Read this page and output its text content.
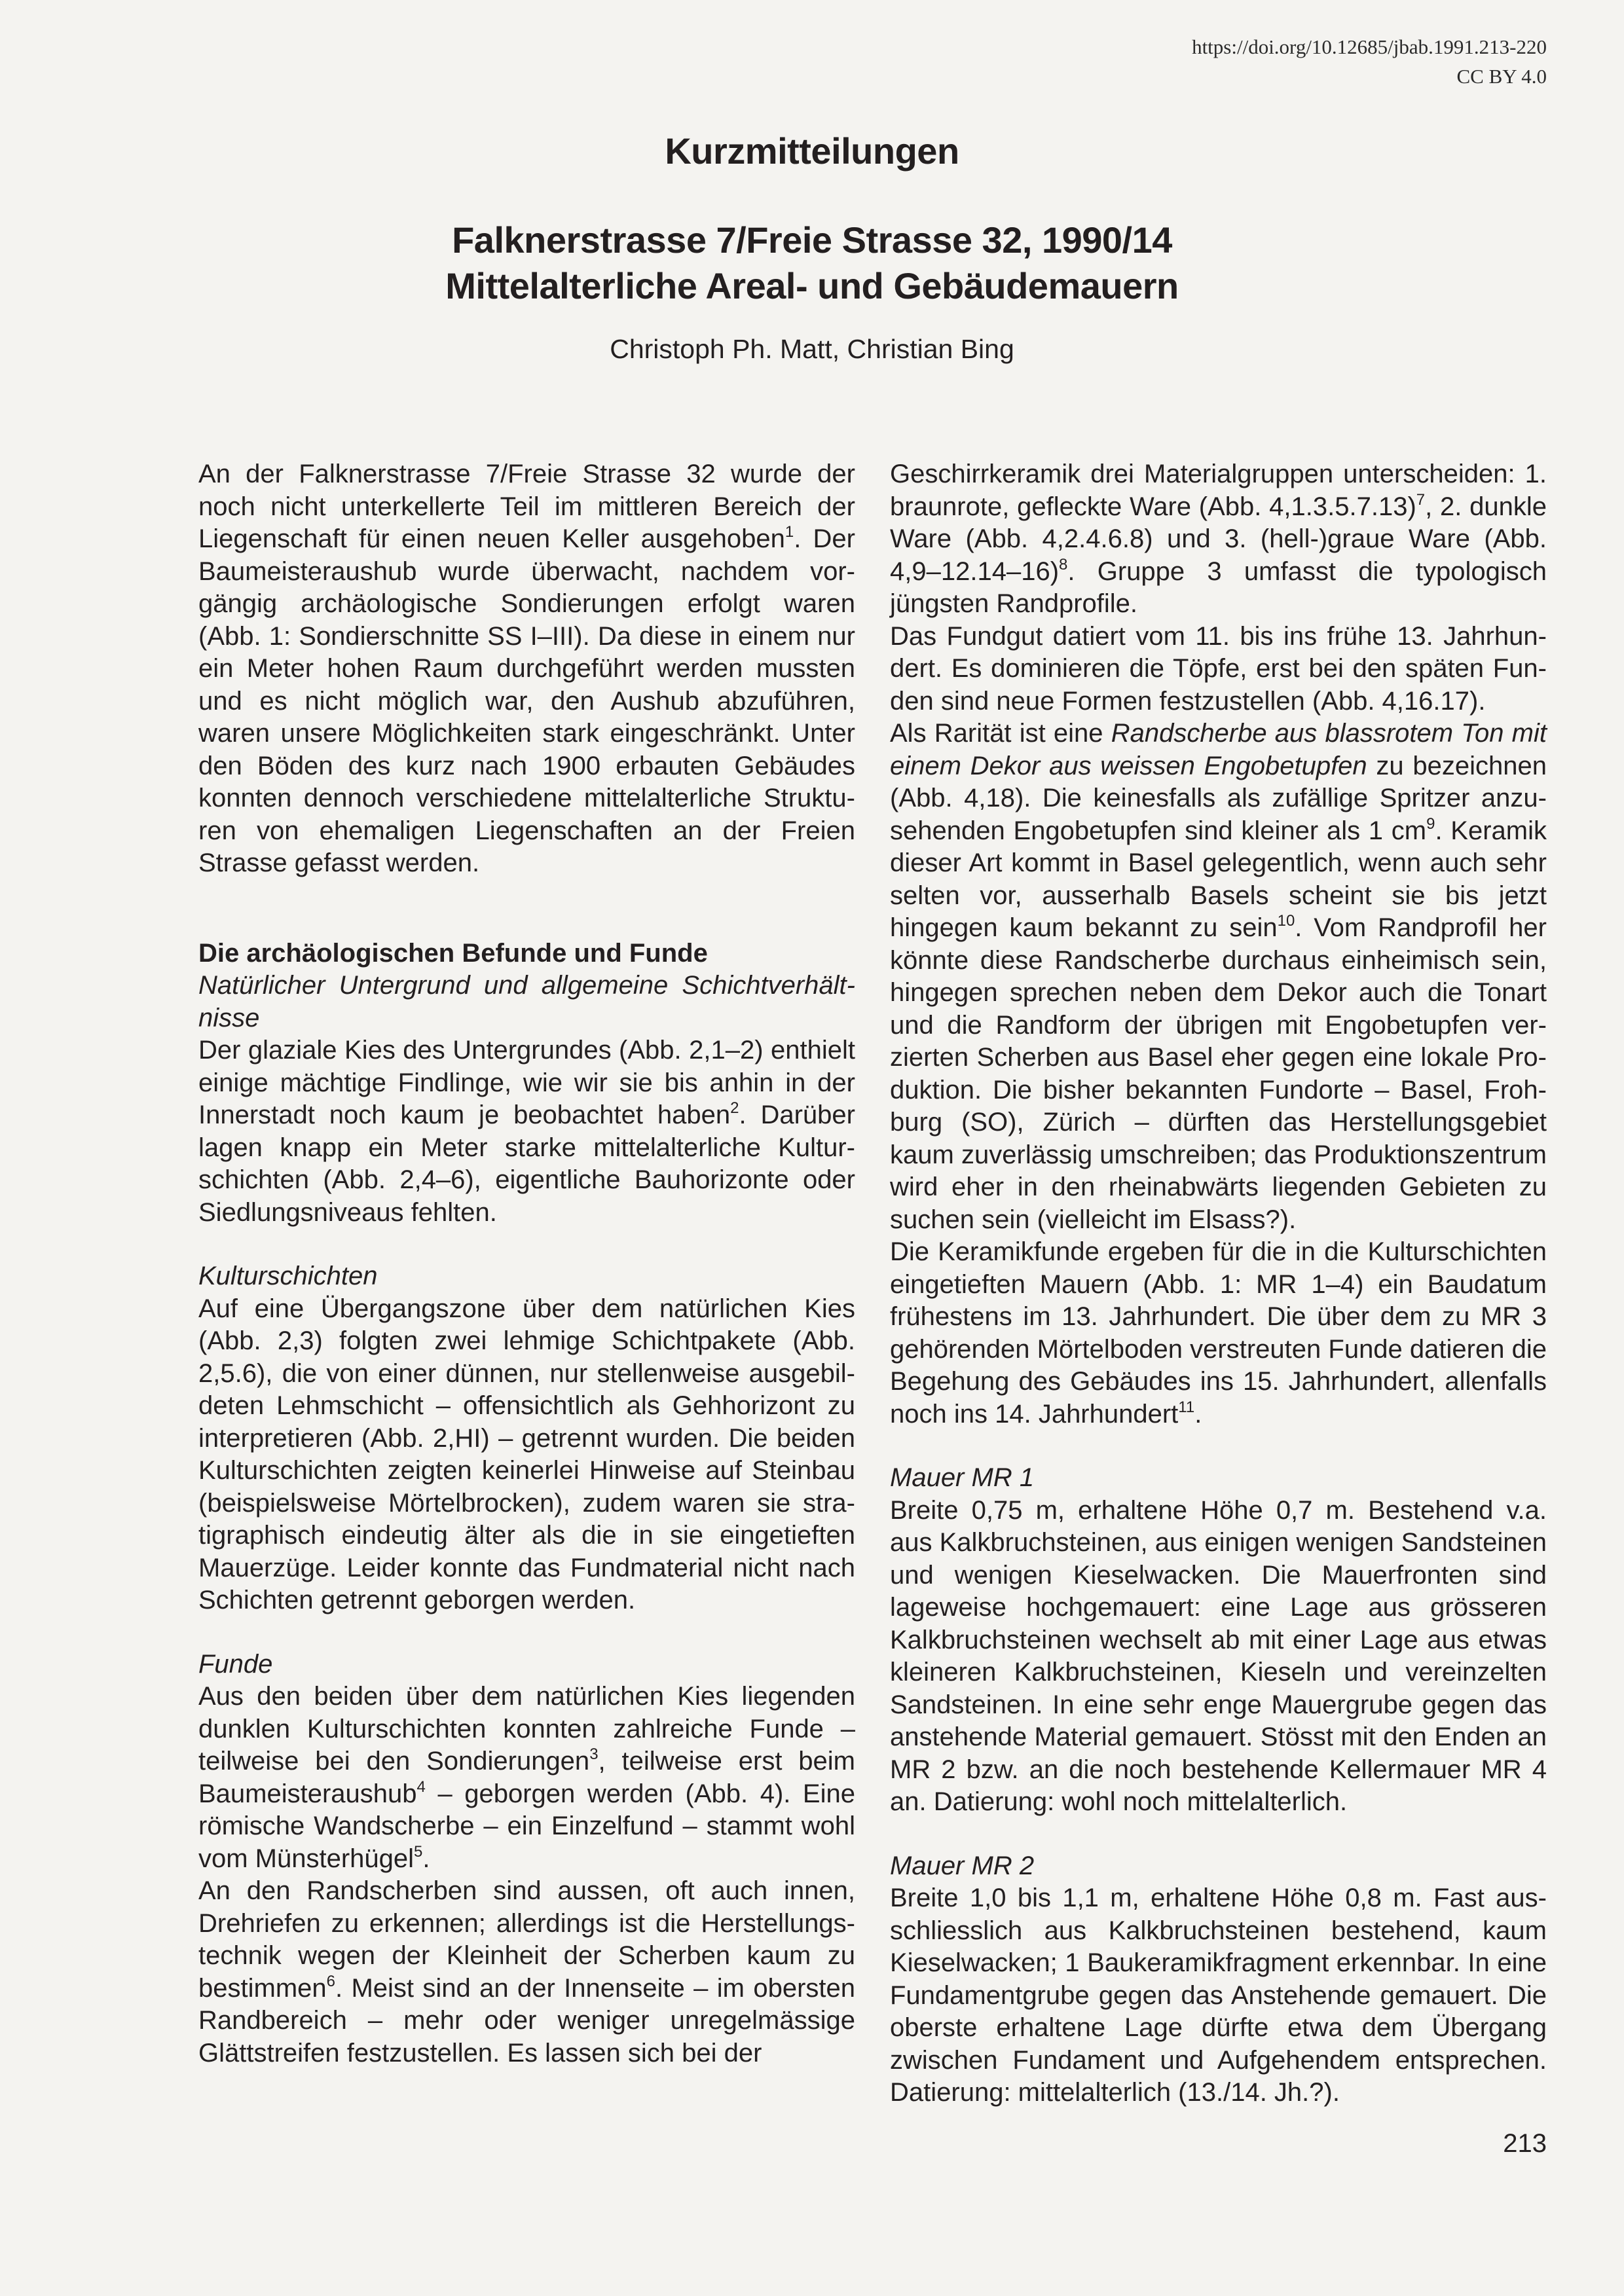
https://doi.org/10.12685/jbab.1991.213-220
CC BY 4.0
Kurzmitteilungen
Falknerstrasse 7/Freie Strasse 32, 1990/14
Mittelalterliche Areal- und Gebäudemauern
Christoph Ph. Matt, Christian Bing

An der Falknerstrasse 7/Freie Strasse 32 wurde der noch nicht unterkellerte Teil im mittleren Bereich der Liegenschaft für einen neuen Keller ausgehoben$^1$. Der Baumeisteraushub wurde überwacht, nachdem vorgängig archäologische Sondierungen erfolgt waren (Abb. 1: Sondierschnitte SS I–III). Da diese in einem nur ein Meter hohen Raum durchgeführt werden mussten und es nicht möglich war, den Aushub abzuführen, waren unsere Möglichkeiten stark eingeschränkt. Unter den Böden des kurz nach 1900 erbauten Gebäudes konnten dennoch verschiedene mittelalterliche Strukturen von ehemaligen Liegenschaften an der Freien Strasse gefasst werden.

Die archäologischen Befunde und Funde

Natürlicher Untergrund und allgemeine Schichtverhältnisse

Der glaziale Kies des Untergrundes (Abb. 2,1–2) enthielt einige mächtige Findlinge, wie wir sie bis anhin in der Innerstadt noch kaum je beobachtet haben$^2$. Darüber lagen knapp ein Meter starke mittelalterliche Kulturschichten (Abb. 2,4–6), eigentliche Bauhorizonte oder Siedlungsniveaus fehlten.

Kulturschichten

Auf eine Übergangszone über dem natürlichen Kies (Abb. 2,3) folgten zwei lehmige Schichtpakete (Abb. 2,5.6), die von einer dünnen, nur stellenweise ausgebildeten Lehmschicht – offensichtlich als Gehhorizont zu interpretieren (Abb. 2,HI) – getrennt wurden. Die beiden Kulturschichten zeigten keinerlei Hinweise auf Steinbau (beispielsweise Mörtelbrocken), zudem waren sie stratigraphisch eindeutig älter als die in sie eingetieften Mauerzüge. Leider konnte das Fundmaterial nicht nach Schichten getrennt geborgen werden.

Funde

Aus den beiden über dem natürlichen Kies liegenden dunklen Kulturschichten konnten zahlreiche Funde – teilweise bei den Sondierungen$^3$, teilweise erst beim Baumeisteraushub$^4$ – geborgen werden (Abb. 4). Eine römische Wandscherbe – ein Einzelfund – stammt wohl vom Münsterhügel$^5$.

An den Randscherben sind aussen, oft auch innen, Drehriefen zu erkennen; allerdings ist die Herstellungstechnik wegen der Kleinheit der Scherben kaum zu bestimmen$^6$. Meist sind an der Innenseite – im obersten Randbereich – mehr oder weniger unregelmässige Glättstreifen festzustellen. Es lassen sich bei der

Geschirrkeramik drei Materialgruppen unterscheiden: 1. braunrote, gefleckte Ware (Abb. 4,1.3.5.7.13)$^7$, 2. dunkle Ware (Abb. 4,2.4.6.8) und 3. (hell-)graue Ware (Abb. 4,9–12.14–16)$^8$. Gruppe 3 umfasst die typologisch jüngsten Randprofile.

Das Fundgut datiert vom 11. bis ins frühe 13. Jahrhundert. Es dominieren die Töpfe, erst bei den späten Funden sind neue Formen festzustellen (Abb. 4,16.17).

Als Rarität ist eine Randscherbe aus blassrotem Ton mit einem Dekor aus weissen Engobetupfen zu bezeichnen (Abb. 4,18). Die keinesfalls als zufällige Spritzer anzusehenden Engobetupfen sind kleiner als 1 $cm^9$. Keramik dieser Art kommt in Basel gelegentlich, wenn auch sehr selten vor, ausserhalb Basels scheint sie bis jetzt hingegen kaum bekannt zu sein$^{10}$. Vom Randprofil her könnte diese Randscherbe durchaus einheimisch sein, hingegen sprechen neben dem Dekor auch die Tonart und die Randform der übrigen mit Engobetupfen verzierten Scherben aus Basel eher gegen eine lokale Produktion. Die bisher bekannten Fundorte – Basel, Frohburg (SO), Zürich – dürften das Herstellungsgebiet kaum zuverlässig umschreiben; das Produktionszentrum wird eher in den rheinabwärts liegenden Gebieten zu suchen sein (vielleicht im Elsass?).

Die Keramikfunde ergeben für die in die Kulturschichten eingetieften Mauern (Abb. 1: MR 1–4) ein Baudatum frühestens im 13. Jahrhundert. Die über dem zu MR 3 gehörenden Mörtelboden verstreuten Funde datieren die Begehung des Gebäudes ins 15. Jahrhundert, allenfalls noch ins 14. Jahrhundert$^{11}$.

Mauer MR 1

Breite 0,75 m, erhaltene Höhe 0,7 m. Bestehend v.a. aus Kalkbruchsteinen, aus einigen wenigen Sandsteinen und wenigen Kieselwacken. Die Mauerfronten sind lageweise hochgemauert: eine Lage aus grösseren Kalkbruchsteinen wechselt ab mit einer Lage aus etwas kleineren Kalkbruchsteinen, Kieseln und vereinzelten Sandsteinen. In eine sehr enge Mauergrube gegen das anstehende Material gemauert. Stösst mit den Enden an MR 2 bzw. an die noch bestehende Kellermauer MR 4 an. Datierung: wohl noch mittelalterlich.

Mauer MR 2

Breite 1,0 bis 1,1 m, erhaltene Höhe 0,8 m. Fast ausschliesslich aus Kalkbruchsteinen bestehend, kaum Kieselwacken; 1 Baukeramikfragment erkennbar. In eine Fundamentgrube gegen das Anstehende gemauert. Die oberste erhaltene Lage dürfte etwa dem Übergang zwischen Fundament und Aufgehendem entsprechen. Datierung: mittelalterlich (13./14. Jh.?).

213
